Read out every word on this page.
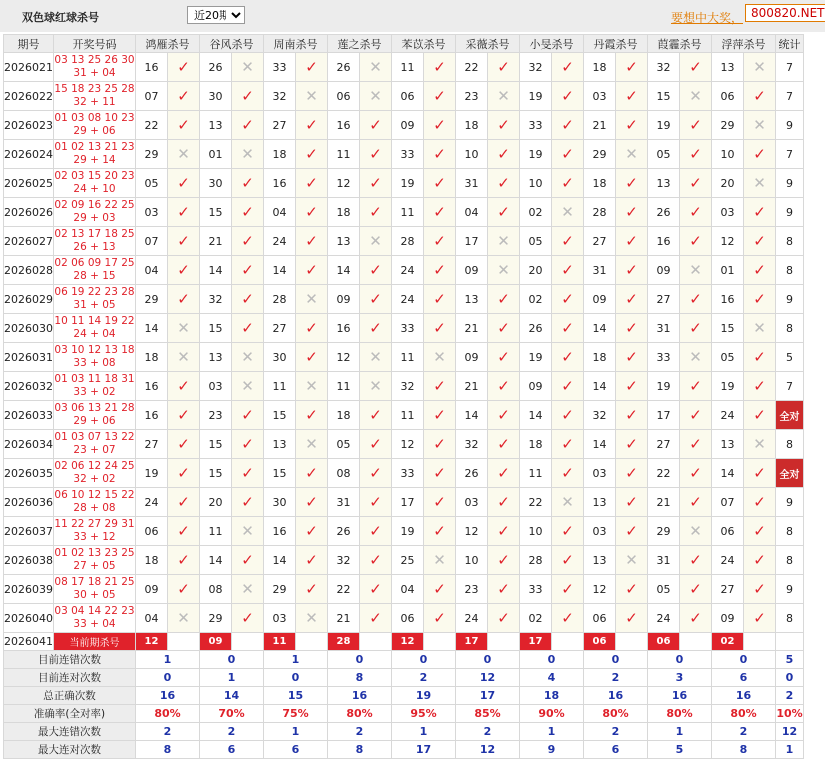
双色球红球杀号
近20期	要想中大奖， 800820.NET
期号	开奖号码	鸿雁杀号		谷风杀号		周南杀号		莲之杀号		苯苡杀号		采薇杀号		小旻杀号		丹霞杀号		葭霾杀号		浮萍杀号		统计
2026021	03 13 25 26 30
31 + 04	16	✓	26	✕	33	✓	26	✕	11	✓	22	✓	32	✓	18	✓	32	✓	13	✕	7
2026022	15 18 23 25 28
32 + 11	07	✓	30	✓	32	✕	06	✕	06	✓	23	✕	19	✓	03	✓	15	✕	06	✓	7
2026023	01 03 08 10 23
29 + 06	22	✓	13	✓	27	✓	16	✓	09	✓	18	✓	33	✓	21	✓	19	✓	29	✕	9
2026024	01 02 13 21 23
29 + 14	29	✕	01	✕	18	✓	11	✓	33	✓	10	✓	19	✓	29	✕	05	✓	10	✓	7
2026025	02 03 15 20 23
24 + 10	05	✓	30	✓	16	✓	12	✓	19	✓	31	✓	10	✓	18	✓	13	✓	20	✕	9
2026026	02 09 16 22 25
29 + 03	03	✓	15	✓	04	✓	18	✓	11	✓	04	✓	02	✕	28	✓	26	✓	03	✓	9
2026027	02 13 17 18 25
26 + 13	07	✓	21	✓	24	✓	13	✕	28	✓	17	✕	05	✓	27	✓	16	✓	12	✓	8
2026028	02 06 09 17 25
28 + 15	04	✓	14	✓	14	✓	14	✓	24	✓	09	✕	20	✓	31	✓	09	✕	01	✓	8
2026029	06 19 22 23 28
31 + 05	29	✓	32	✓	28	✕	09	✓	24	✓	13	✓	02	✓	09	✓	27	✓	16	✓	9
2026030	10 11 14 19 22
24 + 04	14	✕	15	✓	27	✓	16	✓	33	✓	21	✓	26	✓	14	✓	31	✓	15	✕	8
2026031	03 10 12 13 18
33 + 08	18	✕	13	✕	30	✓	12	✕	11	✕	09	✓	19	✓	18	✓	33	✕	05	✓	5
2026032	01 03 11 18 31
33 + 02	16	✓	03	✕	11	✕	11	✕	32	✓	21	✓	09	✓	14	✓	19	✓	19	✓	7
2026033	03 06 13 21 28
29 + 06	16	✓	23	✓	15	✓	18	✓	11	✓	14	✓	14	✓	32	✓	17	✓	24	✓	全对
2026034	01 03 07 13 22
23 + 07	27	✓	15	✓	13	✕	05	✓	12	✓	32	✓	18	✓	14	✓	27	✓	13	✕	8
2026035	02 06 12 24 25
32 + 02	19	✓	15	✓	15	✓	08	✓	33	✓	26	✓	11	✓	03	✓	22	✓	14	✓	全对
2026036	06 10 12 15 22
28 + 08	24	✓	20	✓	30	✓	31	✓	17	✓	03	✓	22	✕	13	✓	21	✓	07	✓	9
2026037	11 22 27 29 31
33 + 12	06	✓	11	✕	16	✓	26	✓	19	✓	12	✓	10	✓	03	✓	29	✕	06	✓	8
2026038	01 02 13 23 25
27 + 05	18	✓	14	✓	14	✓	32	✓	25	✕	10	✓	28	✓	13	✕	31	✓	24	✓	8
2026039	08 17 18 21 25
30 + 05	09	✓	08	✕	29	✓	22	✓	04	✓	23	✓	33	✓	12	✓	05	✓	27	✓	9
2026040	03 04 14 22 23
33 + 04	04	✕	29	✓	03	✕	21	✓	06	✓	24	✓	02	✓	06	✓	24	✓	09	✓	8
2026041	当前期杀号	12		09		11		28		12		17		17		06		06		02		
目前连错次数		1		0		1		0		0		0		0		0		0		0		5
目前连对次数		0		1		0		8		2		12		4		2		3		6		0
总正确次数		16		14		15		16		19		17		18		16		16		16		2
准确率(全对率)		80%		70%		75%		80%		95%		85%		90%		80%		80%		80%		10%
最大连错次数		2		2		1		2		1		2		1		2		1		2		12
最大连对次数		8		6		6		8		17		12		9		6		5		8		1
